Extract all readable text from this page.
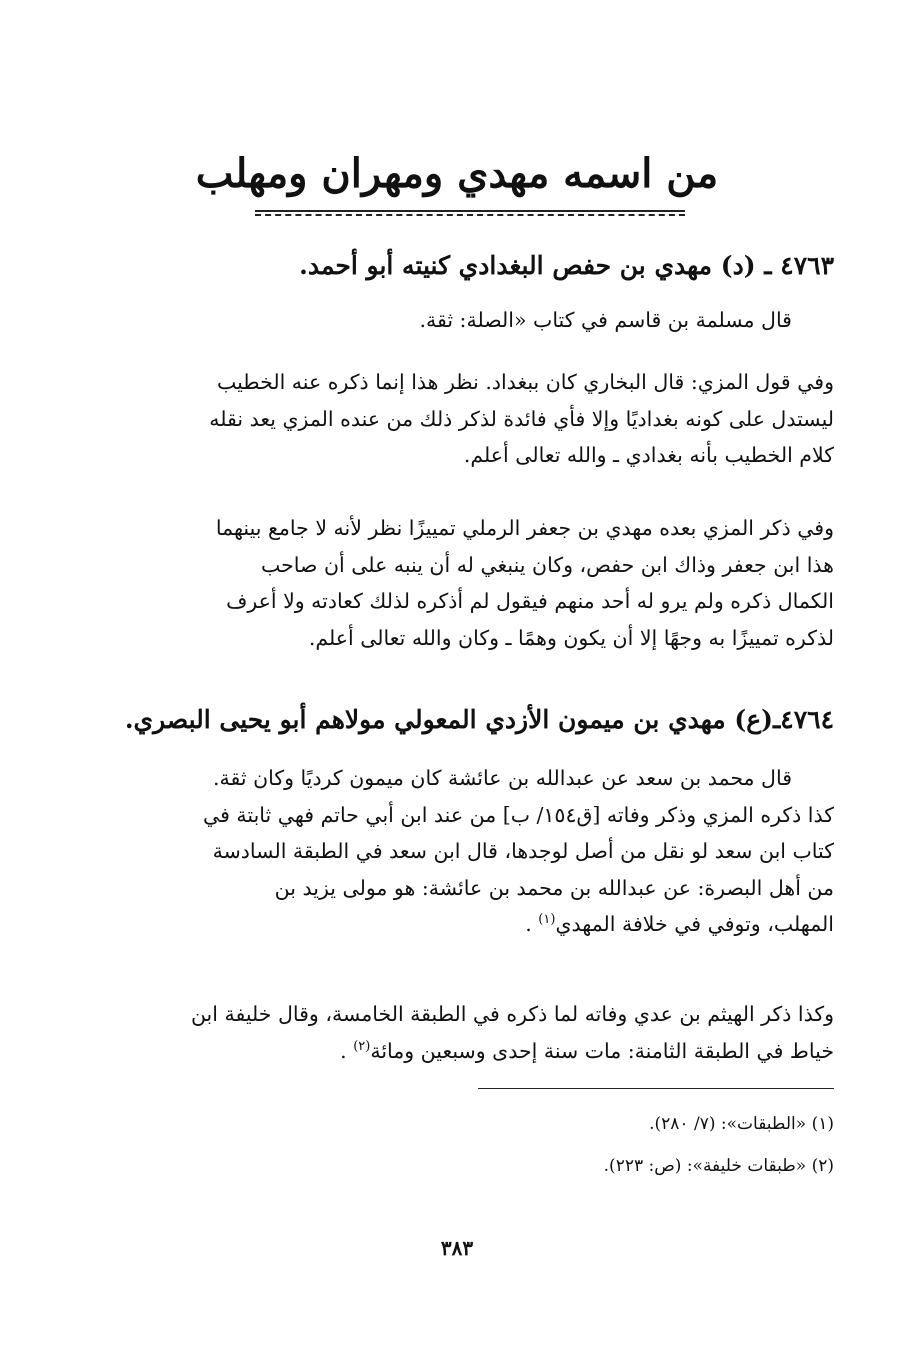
من اسمه مهدي ومهران ومهلب
٤٧٦٣ ـ (د) مهدي بن حفص البغدادي كنيته أبو أحمد.
قال مسلمة بن قاسم في كتاب «الصلة: ثقة.
وفي قول المزي: قال البخاري كان ببغداد. نظر هذا إنما ذكره عنه الخطيب
ليستدل على كونه بغداديًا وإلا فأي فائدة لذكر ذلك من عنده المزي يعد نقله
كلام الخطيب بأنه بغدادي ـ والله تعالى أعلم.
وفي ذكر المزي بعده مهدي بن جعفر الرملي تمييزًا نظر لأنه لا جامع بينهما
هذا ابن جعفر وذاك ابن حفص، وكان ينبغي له أن ينبه على أن صاحب
الكمال ذكره ولم يرو له أحد منهم فيقول لم أذكره لذلك كعادته ولا أعرف
لذكره تمييزًا به وجهًا إلا أن يكون وهمًا ـ وكان والله تعالى أعلم.
٤٧٦٤ـ(ع) مهدي بن ميمون الأزدي المعولي مولاهم أبو يحيى البصري.
قال محمد بن سعد عن عبدالله بن عائشة كان ميمون كرديًا وكان ثقة.
كذا ذكره المزي وذكر وفاته [ق١٥٤/ ب] من عند ابن أبي حاتم فهي ثابتة في
كتاب ابن سعد لو نقل من أصل لوجدها، قال ابن سعد في الطبقة السادسة
من أهل البصرة: عن عبدالله بن محمد بن عائشة: هو مولى يزيد بن
المهلب، وتوفي في خلافة المهدي$^{(١)}$ .
وكذا ذكر الهيثم بن عدي وفاته لما ذكره في الطبقة الخامسة، وقال خليفة ابن
خياط في الطبقة الثامنة: مات سنة إحدى وسبعين ومائة$^{(٢)}$ .
(١) «الطبقات»: (٧/ ٢٨٠).
(٢) «طبقات خليفة»: (ص: ٢٢٣).
٣٨٣
